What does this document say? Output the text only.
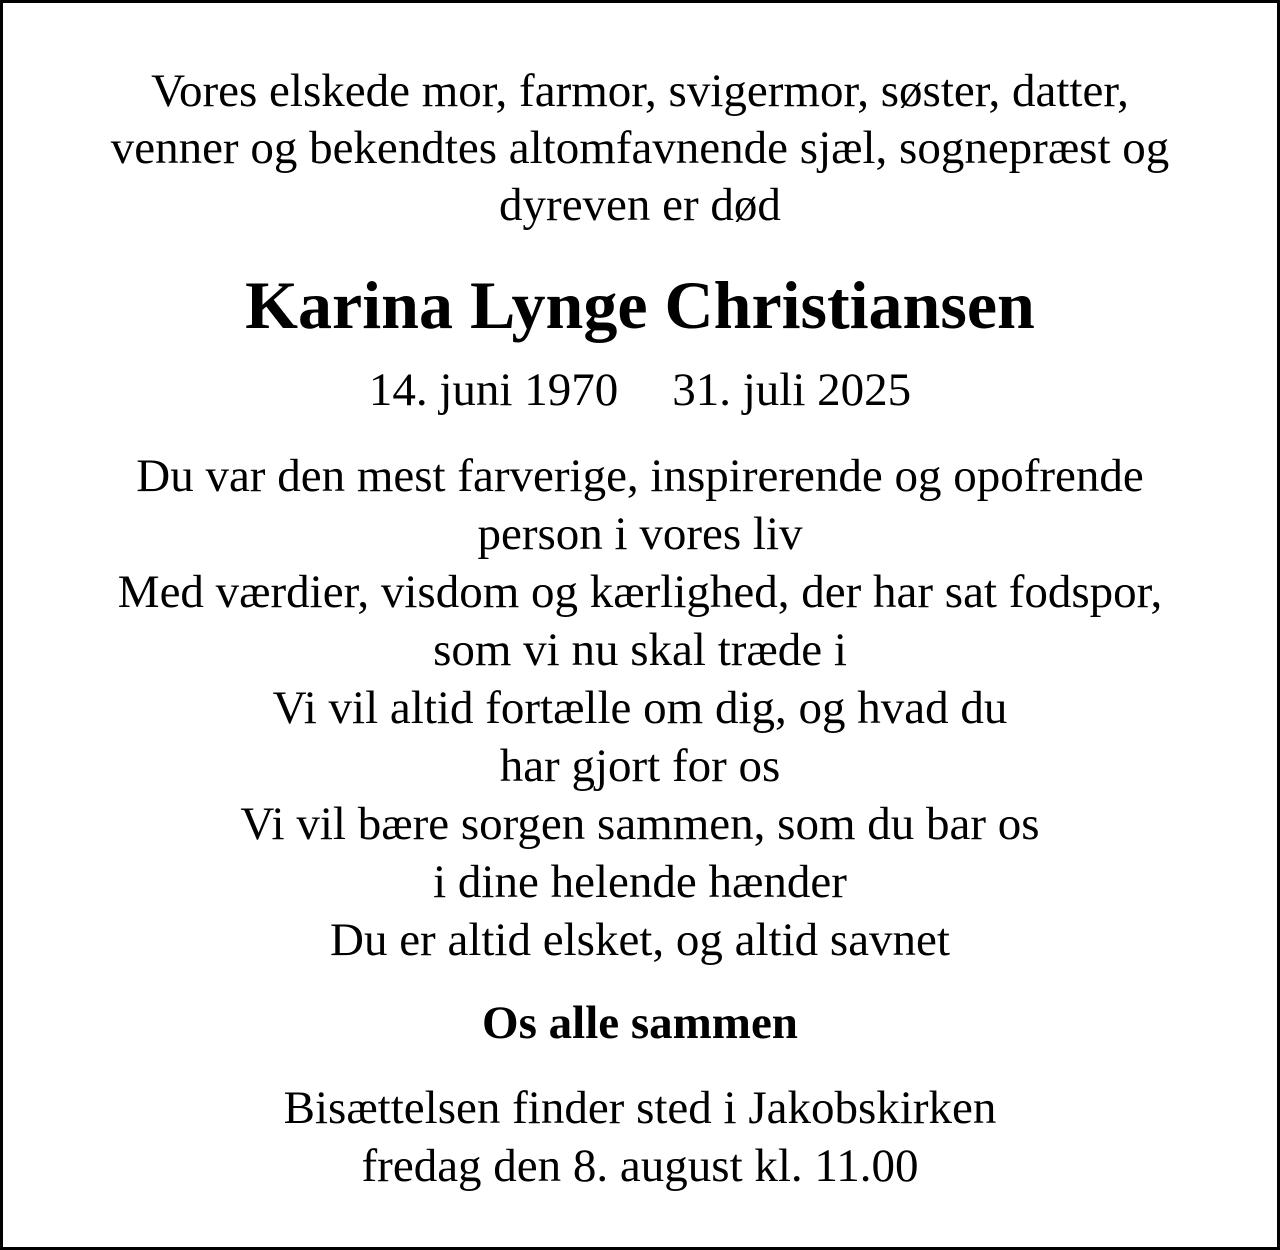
Vores elskede mor, farmor, svigermor, søster, datter,
venner og bekendtes altomfavnende sjæl, sognepræst og
dyreven er død
Karina Lynge Christiansen
14. juni 1970 31. juli 2025
Du var den mest farverige, inspirerende og opofrende
person i vores liv
Med værdier, visdom og kærlighed, der har sat fodspor,
som vi nu skal træde i
Vi vil altid fortælle om dig, og hvad du
har gjort for os
Vi vil bære sorgen sammen, som du bar os
i dine helende hænder
Du er altid elsket, og altid savnet
Os alle sammen
Bisættelsen finder sted i Jakobskirken
fredag den 8. august kl. 11.00
